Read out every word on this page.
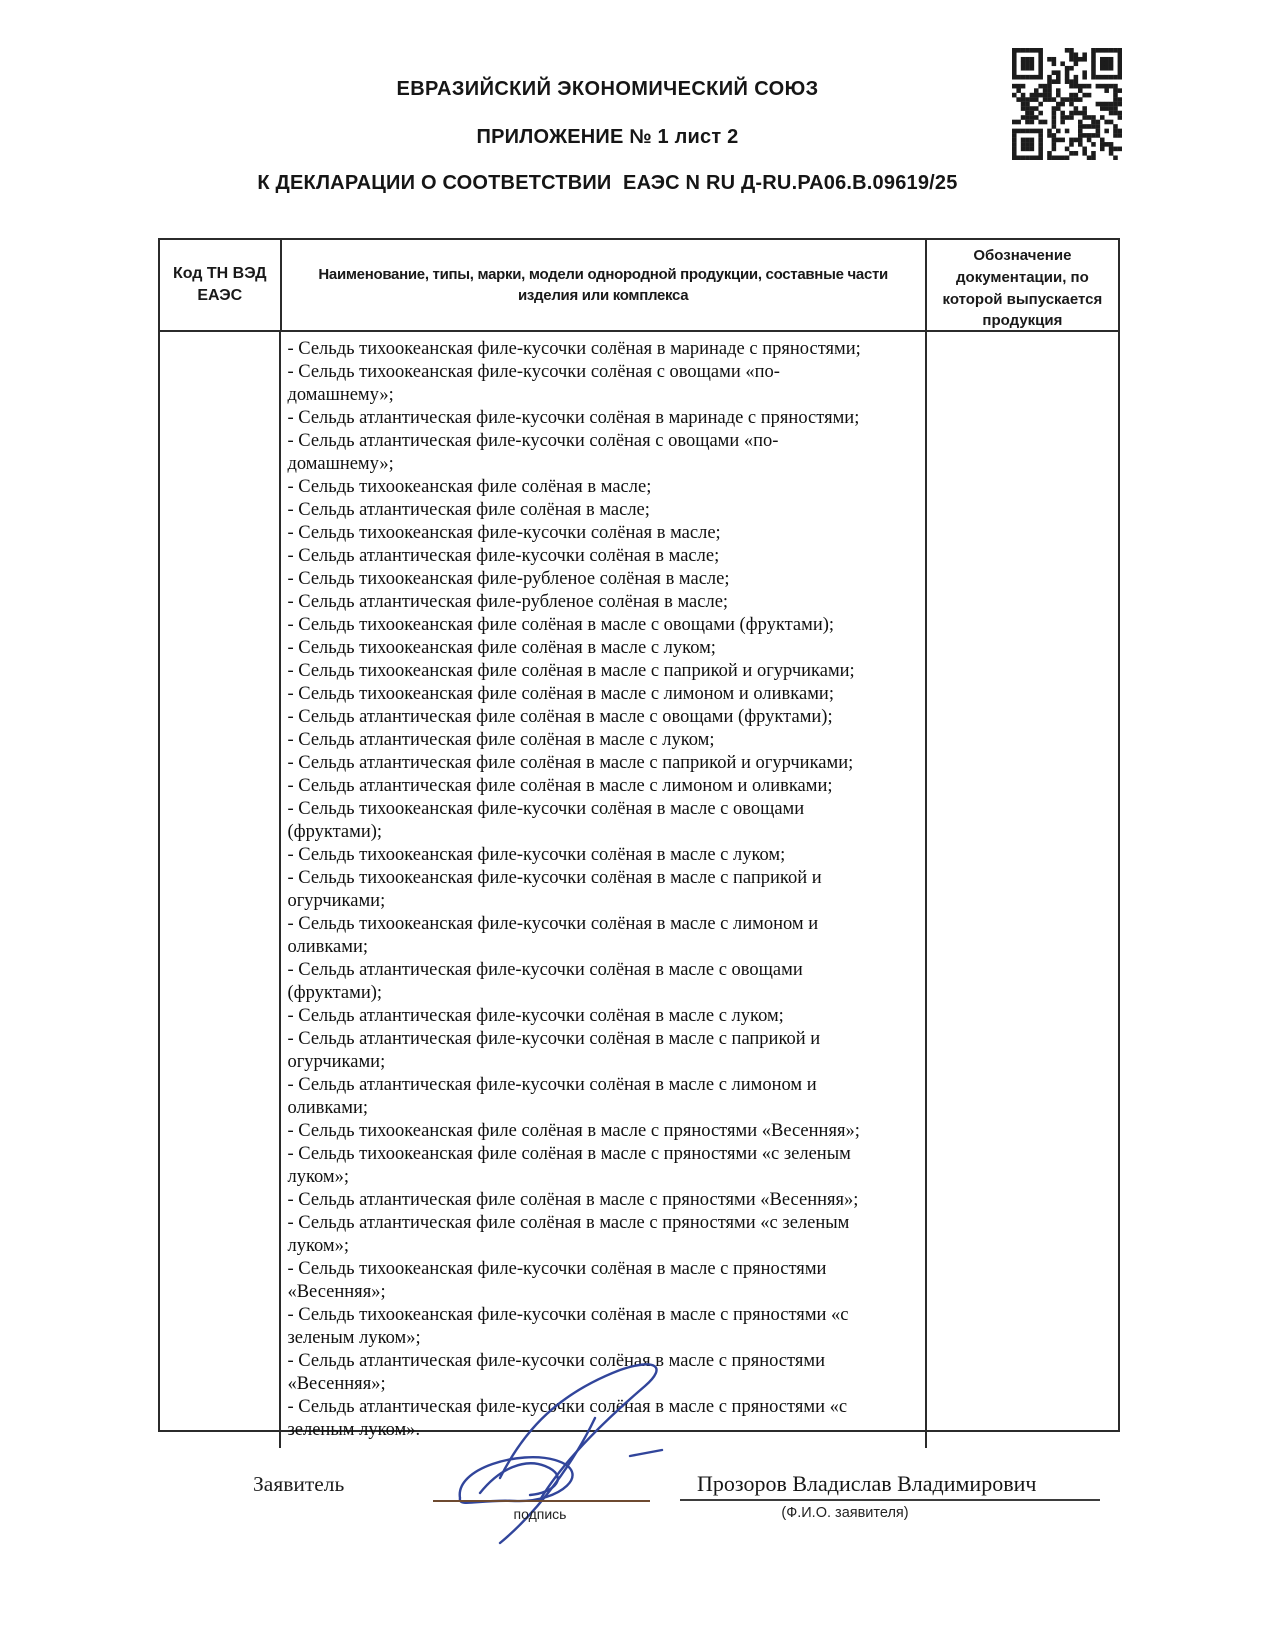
ЕВРАЗИЙСКИЙ ЭКОНОМИЧЕСКИЙ СОЮЗ
ПРИЛОЖЕНИЕ № 1 лист 2
К ДЕКЛАРАЦИИ О СООТВЕТСТВИИ  ЕАЭС N RU Д-RU.РА06.В.09619/25
Код ТН ВЭД ЕАЭС
Наименование, типы, марки, модели однородной продукции, составные части изделия или комплекса
Обозначение документации, по которой выпускается продукция
- Сельдь тихоокеанская филе-кусочки солёная в маринаде с пряностями;
- Сельдь тихоокеанская филе-кусочки солёная с овощами «по-домашнему»;
- Сельдь атлантическая филе-кусочки солёная в маринаде с пряностями;
- Сельдь атлантическая филе-кусочки солёная с овощами «по-домашнему»;
- Сельдь тихоокеанская филе солёная в масле;
- Сельдь атлантическая филе солёная в масле;
- Сельдь тихоокеанская филе-кусочки солёная в масле;
- Сельдь атлантическая филе-кусочки солёная в масле;
- Сельдь тихоокеанская филе-рубленое солёная в масле;
- Сельдь атлантическая филе-рубленое солёная в масле;
- Сельдь тихоокеанская филе солёная в масле с овощами (фруктами);
- Сельдь тихоокеанская филе солёная в масле с луком;
- Сельдь тихоокеанская филе солёная в масле с паприкой и огурчиками;
- Сельдь тихоокеанская филе солёная в масле с лимоном и оливками;
- Сельдь атлантическая филе солёная в масле с овощами (фруктами);
- Сельдь атлантическая филе солёная в масле с луком;
- Сельдь атлантическая филе солёная в масле с паприкой и огурчиками;
- Сельдь атлантическая филе солёная в масле с лимоном и оливками;
- Сельдь тихоокеанская филе-кусочки солёная в масле с овощами (фруктами);
- Сельдь тихоокеанская филе-кусочки солёная в масле с луком;
- Сельдь тихоокеанская филе-кусочки солёная в масле с паприкой и огурчиками;
- Сельдь тихоокеанская филе-кусочки солёная в масле с лимоном и оливками;
- Сельдь атлантическая филе-кусочки солёная в масле с овощами (фруктами);
- Сельдь атлантическая филе-кусочки солёная в масле с луком;
- Сельдь атлантическая филе-кусочки солёная в масле с паприкой и огурчиками;
- Сельдь атлантическая филе-кусочки солёная в масле с лимоном и оливками;
- Сельдь тихоокеанская филе солёная в масле с пряностями «Весенняя»;
- Сельдь тихоокеанская филе солёная в масле с пряностями «с зеленым луком»;
- Сельдь атлантическая филе солёная в масле с пряностями «Весенняя»;
- Сельдь атлантическая филе солёная в масле с пряностями «с зеленым луком»;
- Сельдь тихоокеанская филе-кусочки солёная в масле с пряностями «Весенняя»;
- Сельдь тихоокеанская филе-кусочки солёная в масле с пряностями «с зеленым луком»;
- Сельдь атлантическая филе-кусочки солёная в масле с пряностями «Весенняя»;
- Сельдь атлантическая филе-кусочки солёная в масле с пряностями «с зеленым луком».
Заявитель
подпись
Прозоров Владислав Владимирович
(Ф.И.О. заявителя)
